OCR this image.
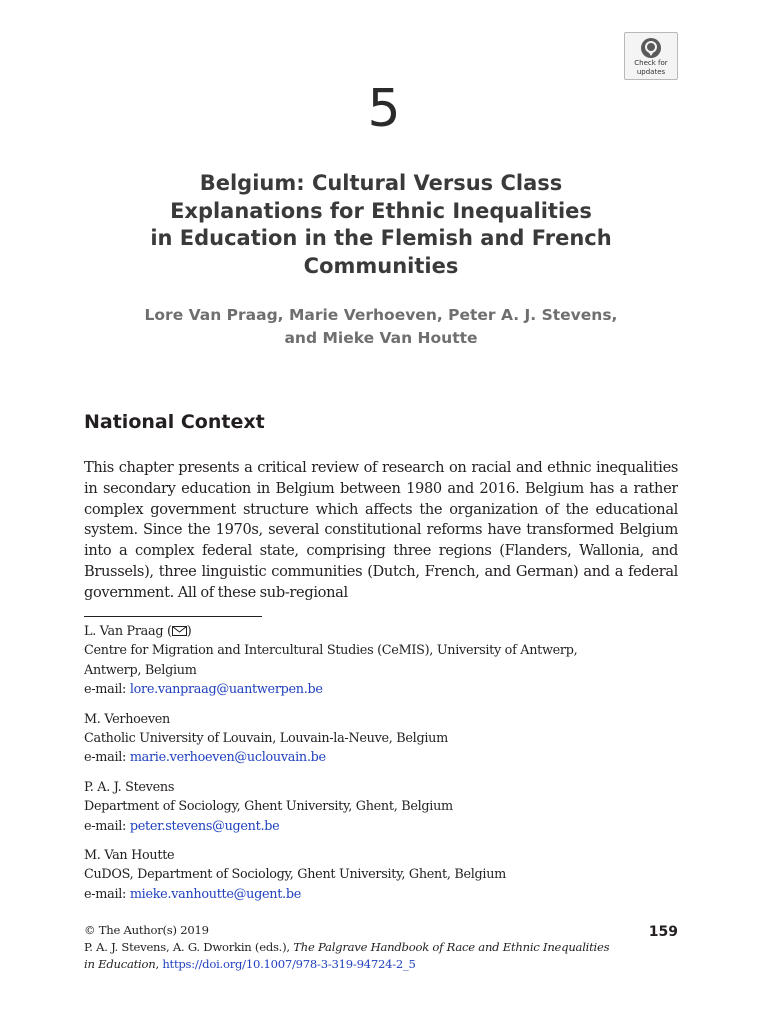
Check for
updates
5
Belgium: Cultural Versus Class
Explanations for Ethnic Inequalities
in Education in the Flemish and French
Communities

Lore Van Praag, Marie Verhoeven, Peter A. J. Stevens,
and Mieke Van Houtte

National Context

This chapter presents a critical review of research on racial and ethnic inequalities in secondary education in Belgium between 1980 and 2016. Belgium has a rather complex government structure which affects the organization of the educational system. Since the 1970s, several constitutional reforms have transformed Belgium into a complex federal state, comprising three regions (Flanders, Wallonia, and Brussels), three linguistic communities (Dutch, French, and German) and a federal government. All of these sub-regional

L. Van Praag ( )
Centre for Migration and Intercultural Studies (CeMIS), University of Antwerp,
Antwerp, Belgium
e-mail: lore.vanpraag@uantwerpen.be
M. Verhoeven
Catholic University of Louvain, Louvain-la-Neuve, Belgium
e-mail: marie.verhoeven@uclouvain.be
P. A. J. Stevens
Department of Sociology, Ghent University, Ghent, Belgium
e-mail: peter.stevens@ugent.be
M. Van Houtte
CuDOS, Department of Sociology, Ghent University, Ghent, Belgium
e-mail: mieke.vanhoutte@ugent.be
© The Author(s) 2019
P. A. J. Stevens, A. G. Dworkin (eds.), The Palgrave Handbook of Race and Ethnic Inequalities
in Education, https://doi.org/10.1007/978-3-319-94724-2_5
159
